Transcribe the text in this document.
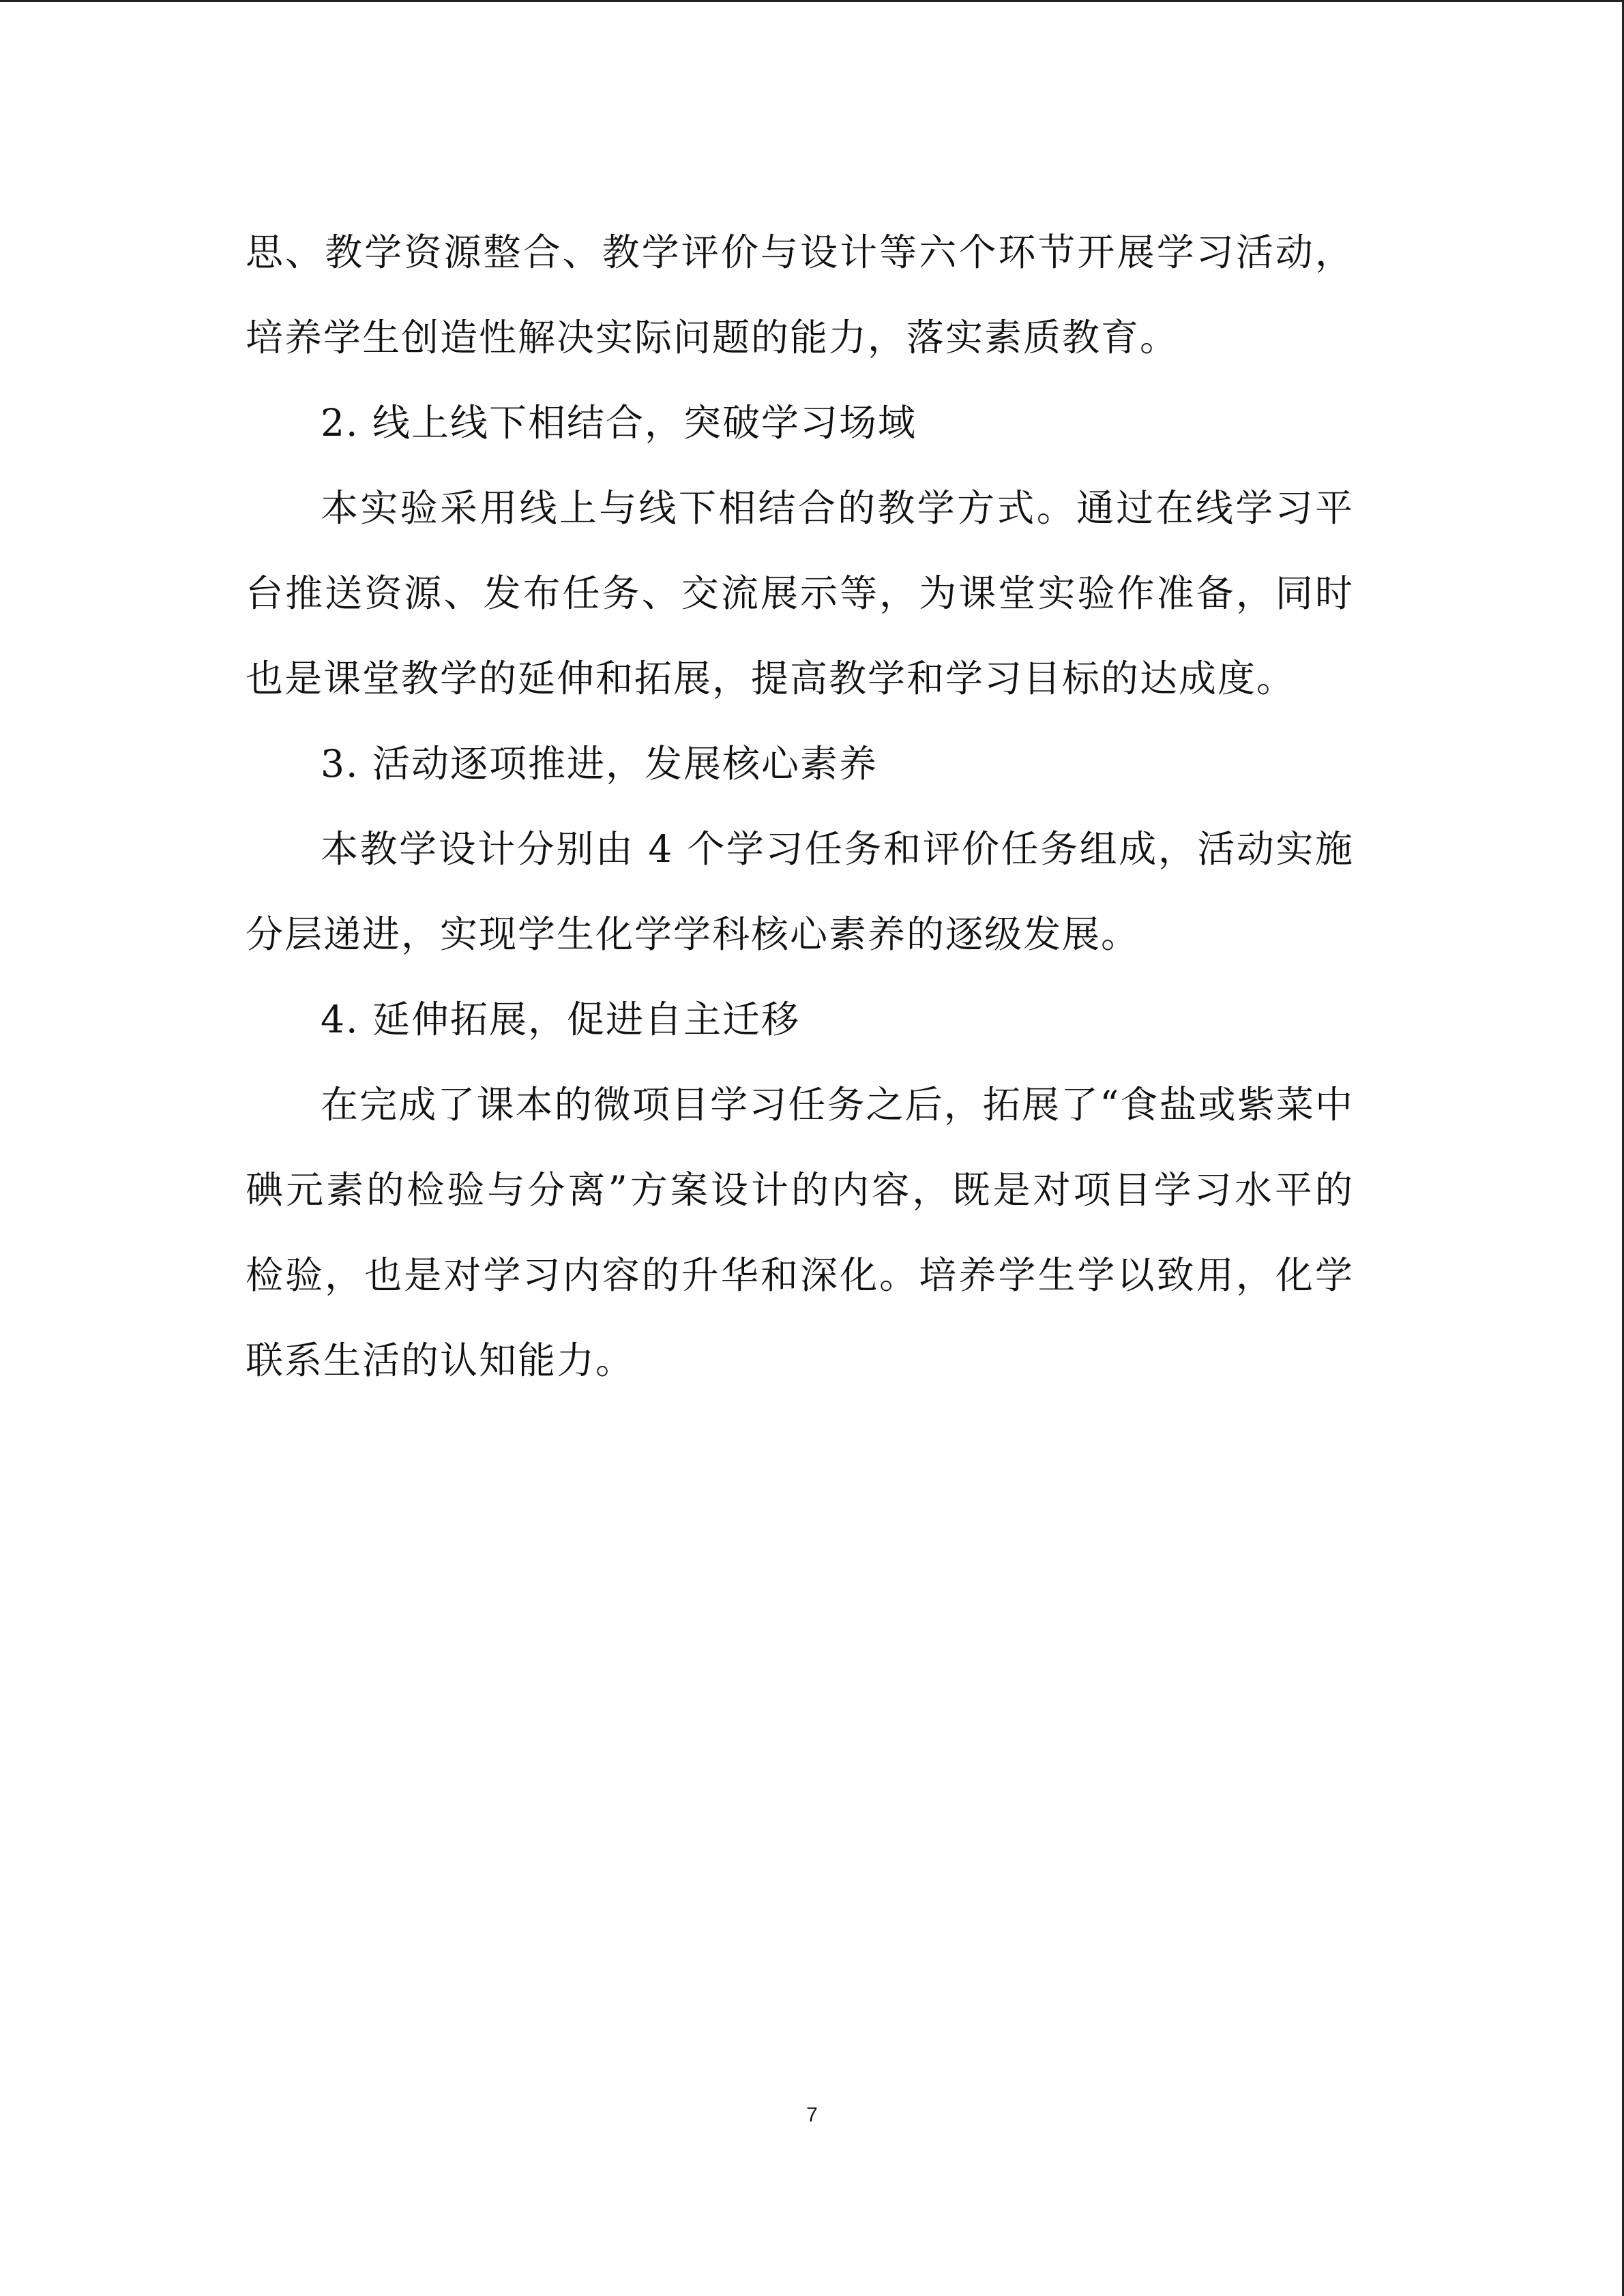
思、教学资源整合、教学评价与设计等六个环节开展学习活动，培养学生创造性解决实际问题的能力，落实素质教育。

2. 线上线下相结合，突破学习场域

本实验采用线上与线下相结合的教学方式。通过在线学习平台推送资源、发布任务、交流展示等，为课堂实验作准备，同时也是课堂教学的延伸和拓展，提高教学和学习目标的达成度。

3. 活动逐项推进，发展核心素养

本教学设计分别由 4 个学习任务和评价任务组成，活动实施分层递进，实现学生化学学科核心素养的逐级发展。

4. 延伸拓展，促进自主迁移

在完成了课本的微项目学习任务之后，拓展了“食盐或紫菜中碘元素的检验与分离”方案设计的内容，既是对项目学习水平的检验，也是对学习内容的升华和深化。培养学生学以致用，化学联系生活的认知能力。

7
